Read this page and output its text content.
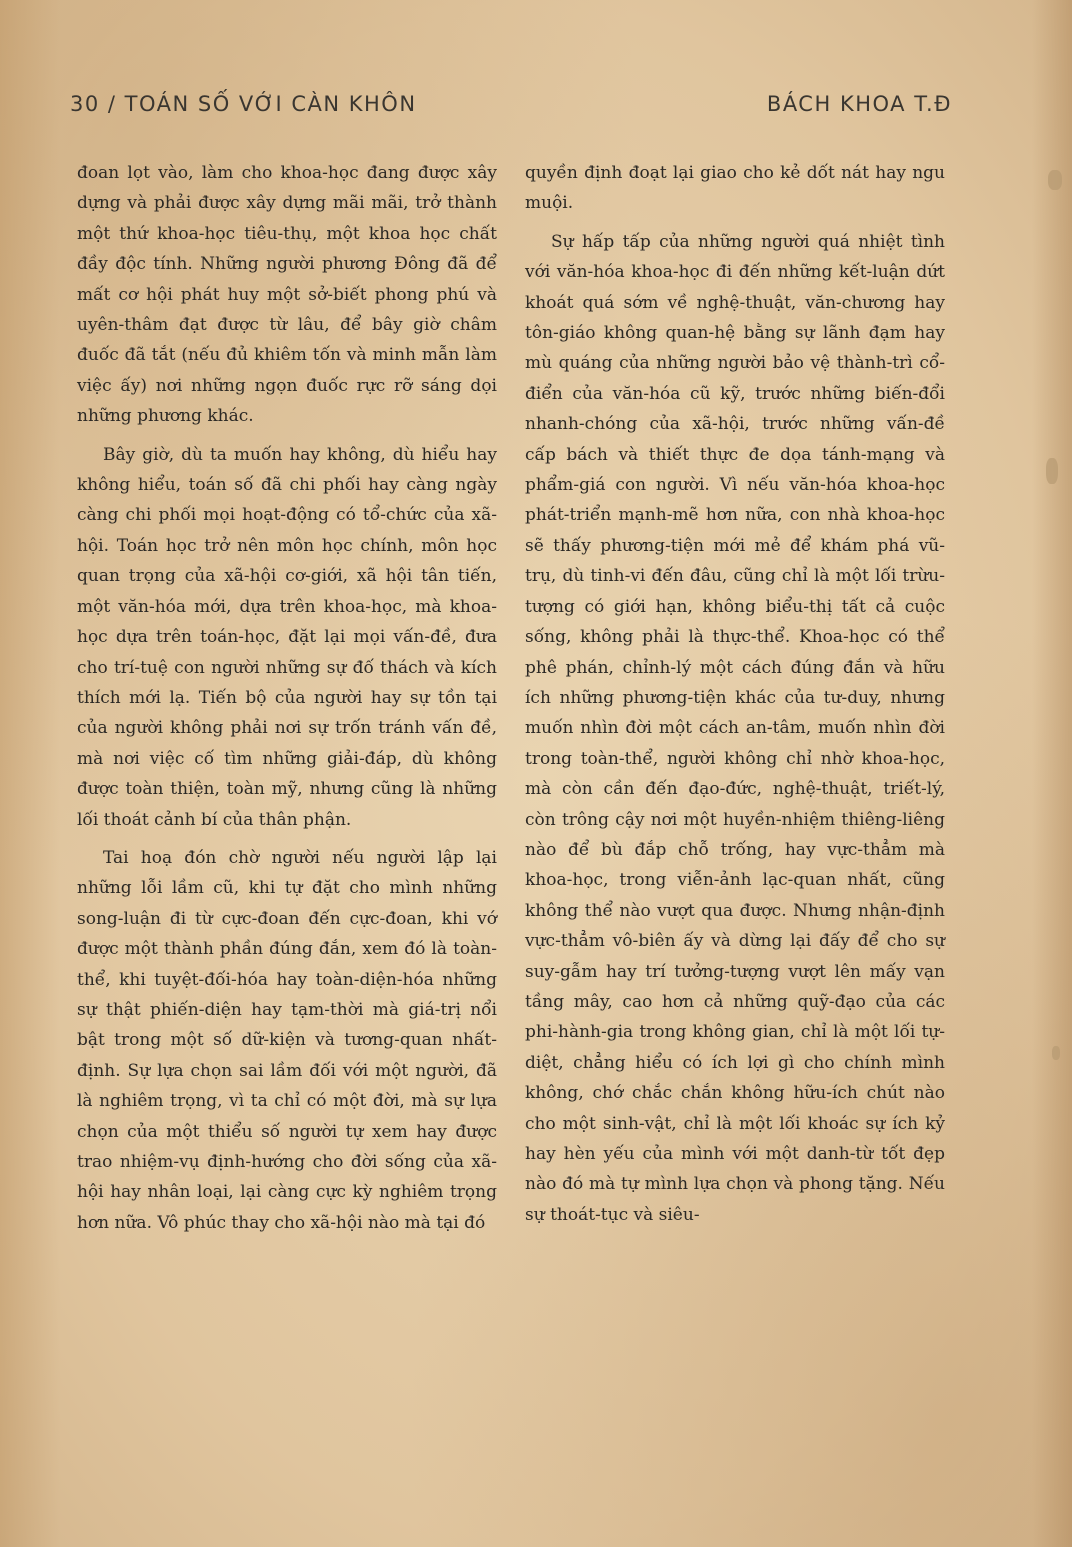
30 / TOÁN SỐ VỚI CÀN KHÔN	BÁCH KHOA T.Đ

đoan lọt vào, làm cho khoa-học đang được xây dựng và phải được xây dựng mãi mãi, trở thành một thứ khoa-học tiêu-thụ, một khoa học chất đầy độc tính. Những người phương Đông đã để mất cơ hội phát huy một sở-biết phong phú và uyên-thâm đạt được từ lâu, để bây giờ châm đuốc đã tắt (nếu đủ khiêm tốn và minh mẫn làm việc ấy) nơi những ngọn đuốc rực rỡ sáng dọi những phương khác.

Bây giờ, dù ta muốn hay không, dù hiểu hay không hiểu, toán số đã chi phối hay càng ngày càng chi phối mọi hoạt-động có tổ-chức của xã-hội. Toán học trở nên môn học chính, môn học quan trọng của xã-hội cơ-giới, xã hội tân tiến, một văn-hóa mới, dựa trên khoa-học, mà khoa-học dựa trên toán-học, đặt lại mọi vấn-đề, đưa cho trí-tuệ con người những sự đố thách và kích thích mới lạ. Tiến bộ của người hay sự tồn tại của người không phải nơi sự trốn tránh vấn đề, mà nơi việc cố tìm những giải-đáp, dù không được toàn thiện, toàn mỹ, nhưng cũng là những lối thoát cảnh bí của thân phận.

Tai hoạ đón chờ người nếu người lập lại những lỗi lầm cũ, khi tự đặt cho mình những song-luận đi từ cực-đoan đến cực-đoan, khi vớ được một thành phần đúng đắn, xem đó là toàn-thể, khi tuyệt-đối-hóa hay toàn-diện-hóa những sự thật phiến-diện hay tạm-thời mà giá-trị nổi bật trong một số dữ-kiện và tương-quan nhất-định. Sự lựa chọn sai lầm đối với một người, đã là nghiêm trọng, vì ta chỉ có một đời, mà sự lựa chọn của một thiểu số người tự xem hay được trao nhiệm-vụ định-hướng cho đời sống của xã-hội hay nhân loại, lại càng cực kỳ nghiêm trọng hơn nữa. Vô phúc thay cho xã-hội nào mà tại đó

quyền định đoạt lại giao cho kẻ dốt nát hay ngu muội.

Sự hấp tấp của những người quá nhiệt tình với văn-hóa khoa-học đi đến những kết-luận dứt khoát quá sớm về nghệ-thuật, văn-chương hay tôn-giáo không quan-hệ bằng sự lãnh đạm hay mù quáng của những người bảo vệ thành-trì cổ-điển của văn-hóa cũ kỹ, trước những biến-đổi nhanh-chóng của xã-hội, trước những vấn-đề cấp bách và thiết thực đe dọa tánh-mạng và phẩm-giá con người. Vì nếu văn-hóa khoa-học phát-triển mạnh-mẽ hơn nữa, con nhà khoa-học sẽ thấy phương-tiện mới mẻ để khám phá vũ-trụ, dù tinh-vi đến đâu, cũng chỉ là một lối trừu-tượng có giới hạn, không biểu-thị tất cả cuộc sống, không phải là thực-thể. Khoa-học có thể phê phán, chỉnh-lý một cách đúng đắn và hữu ích những phương-tiện khác của tư-duy, nhưng muốn nhìn đời một cách an-tâm, muốn nhìn đời trong toàn-thể, người không chỉ nhờ khoa-học, mà còn cần đến đạo-đức, nghệ-thuật, triết-lý, còn trông cậy nơi một huyền-nhiệm thiêng-liêng nào để bù đắp chỗ trống, hay vực-thẳm mà khoa-học, trong viễn-ảnh lạc-quan nhất, cũng không thể nào vượt qua được. Nhưng nhận-định vực-thẳm vô-biên ấy và dừng lại đấy để cho sự suy-gẫm hay trí tưởng-tượng vượt lên mấy vạn tầng mây, cao hơn cả những quỹ-đạo của các phi-hành-gia trong không gian, chỉ là một lối tự-diệt, chẳng hiểu có ích lợi gì cho chính mình không, chớ chắc chắn không hữu-ích chút nào cho một sinh-vật, chỉ là một lối khoác sự ích kỷ hay hèn yếu của mình với một danh-từ tốt đẹp nào đó mà tự mình lựa chọn và phong tặng. Nếu sự thoát-tục và siêu-
